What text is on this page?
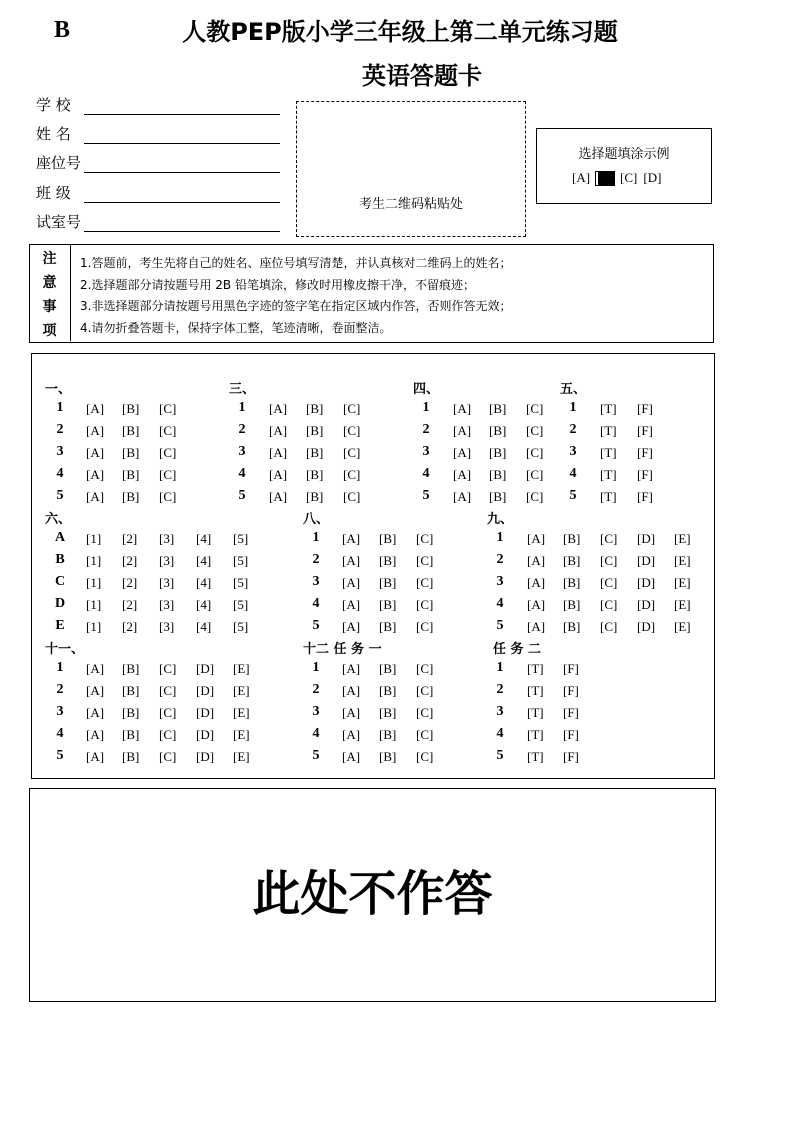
B	人教PEP版小学三年级上第二单元练习题
英语答题卡
学 校
姓 名
座位号
班 级
试室号
考生二维码粘贴处
选择题填涂示例
[A] [C] [D]
注
意
事
项
1.答题前，考生先将自己的姓名、座位号填写清楚，并认真核对二维码上的姓名；
2.选择题部分请按题号用 2B 铅笔填涂，修改时用橡皮擦干净，不留痕迹；
3.非选择题部分请按题号用黑色字迹的签字笔在指定区域内作答，否则作答无效；
4.请勿折叠答题卡，保持字体工整，笔迹清晰，卷面整洁。
一、
1	[A] [B] [C]
2	[A] [B] [C]
3	[A] [B] [C]
4	[A] [B] [C]
5	[A] [B] [C]
三、
1	[A] [B] [C]
2	[A] [B] [C]
3	[A] [B] [C]
4	[A] [B] [C]
5	[A] [B] [C]
四、
1	[A] [B] [C]
2	[A] [B] [C]
3	[A] [B] [C]
4	[A] [B] [C]
5	[A] [B] [C]
五、
1	[T] [F]
2	[T] [F]
3	[T] [F]
4	[T] [F]
5	[T] [F]
六、
A [1] [2] [3] [4] [5]
B [1] [2] [3] [4] [5]
C [1] [2] [3] [4] [5]
D [1] [2] [3] [4] [5]
E [1] [2] [3] [4] [5]
八、
1	[A] [B] [C]
2	[A] [B] [C]
3	[A] [B] [C]
4	[A] [B] [C]
5	[A] [B] [C]
九、
1	[A] [B] [C] [D] [E]
2	[A] [B] [C] [D] [E]
3	[A] [B] [C] [D] [E]
4	[A] [B] [C] [D] [E]
5	[A] [B] [C] [D] [E]
十一、
1	[A] [B] [C] [D] [E]
2	[A] [B] [C] [D] [E]
3	[A] [B] [C] [D] [E]
4	[A] [B] [C] [D] [E]
5	[A] [B] [C] [D] [E]
十二 任 务 一
1	[A] [B] [C]
2	[A] [B] [C]
3	[A] [B] [C]
4	[A] [B] [C]
5	[A] [B] [C]
任 务 二
1	[T] [F]
2	[T] [F]
3	[T] [F]
4	[T] [F]
5	[T] [F]
此处不作答
